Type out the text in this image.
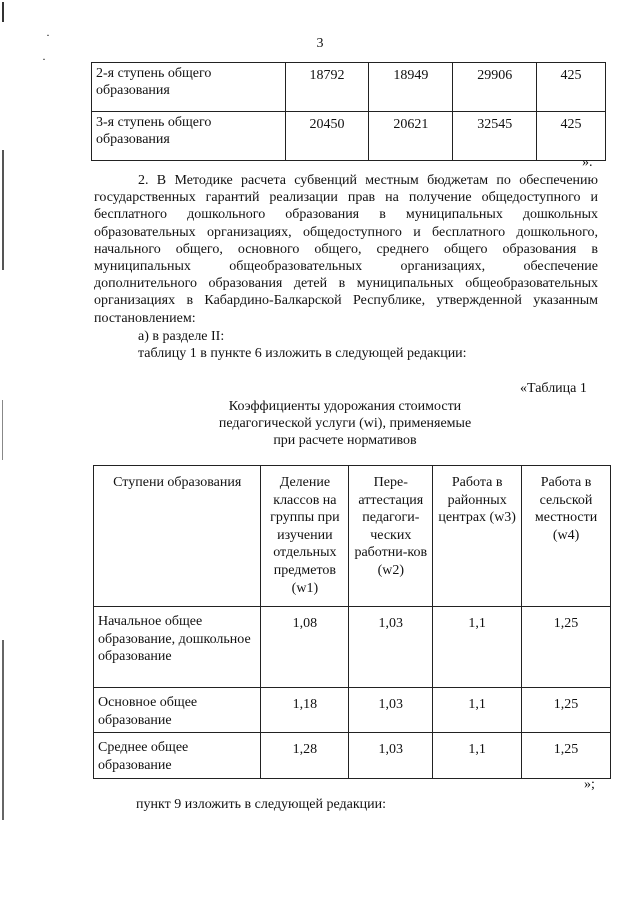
3
·
·
2-я ступень общего образования	18792	18949	29906	425
3-я ступень общего образования	20450	20621	32545	425
».
2. В Методике расчета субвенций местным бюджетам по обеспечению государственных гарантий реализации прав на получение общедоступного и бесплатного дошкольного образования в муниципальных дошкольных образовательных организациях, общедоступного и бесплатного дошкольного, начального общего, основного общего, среднего общего образования в муниципальных общеобразовательных организациях, обеспечение дополнительного образования детей в муниципальных общеобразовательных организациях в Кабардино-Балкарской Республике, утвержденной указанным постановлением:
а) в разделе II:
таблицу 1 в пункте 6 изложить в следующей редакции:
«Таблица 1
Коэффициенты удорожания стоимости
педагогической услуги (wi), применяемые
при расчете нормативов
Ступени образования	Деление классов на группы при изучении отдельных предметов (w1)	Пере-аттестация педагоги-ческих работни-ков (w2)	Работа в районных центрах (w3)	Работа в сельской местности (w4)
Начальное общее образование, дошкольное образование	1,08	1,03	1,1	1,25
Основное общее образование	1,18	1,03	1,1	1,25
Среднее общее образование	1,28	1,03	1,1	1,25
»;
пункт 9 изложить в следующей редакции:
